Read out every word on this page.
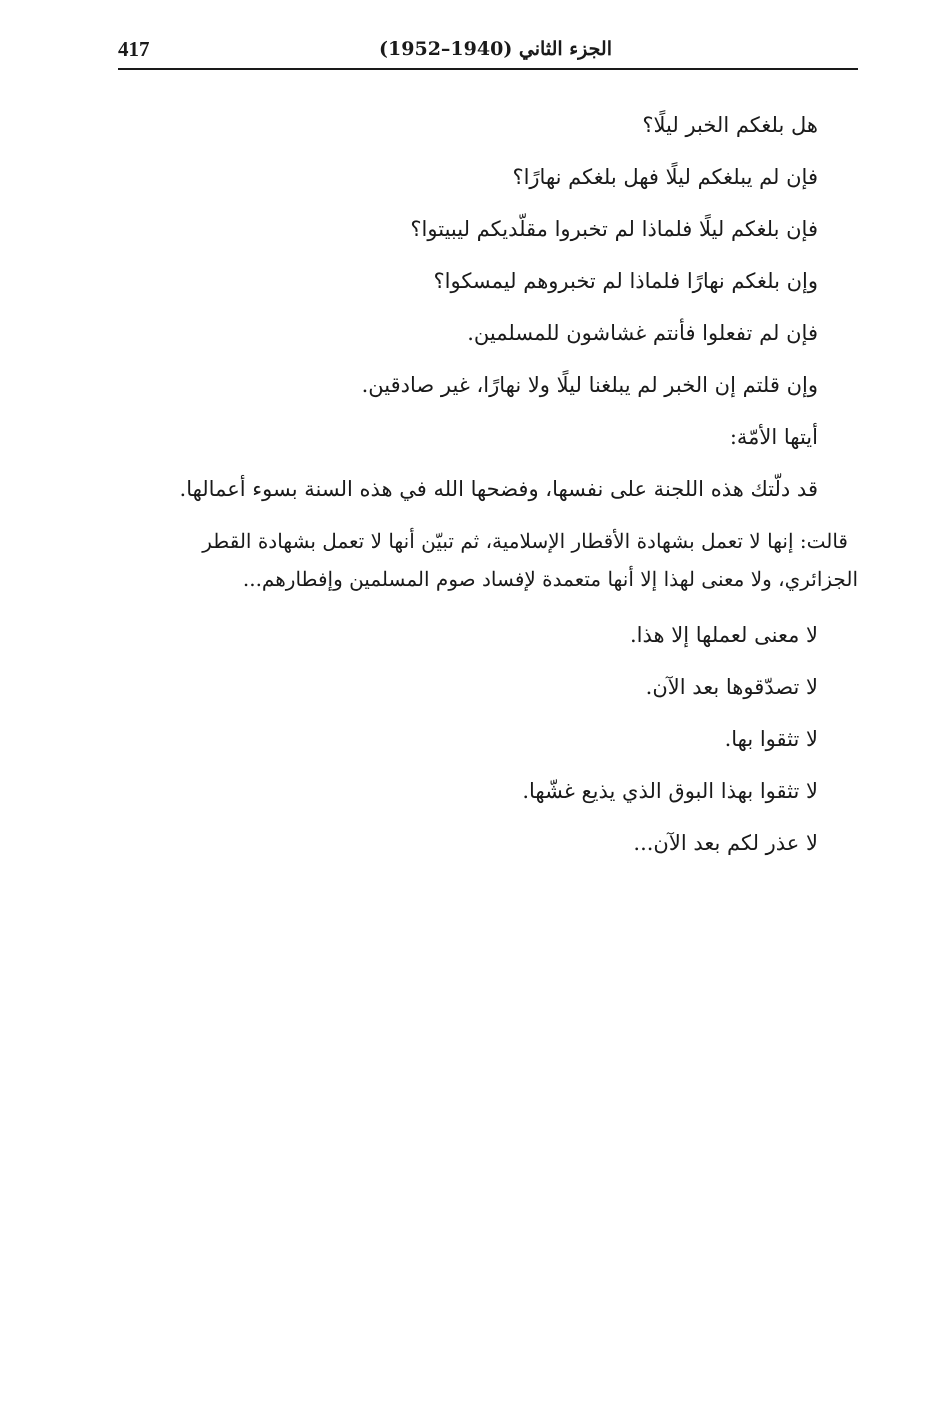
417	الجزء الثاني (1940–1952)

هل بلغكم الخبر ليلًا؟

فإن لم يبلغكم ليلًا فهل بلغكم نهارًا؟

فإن بلغكم ليلًا فلماذا لم تخبروا مقلّديكم ليبيتوا؟

وإن بلغكم نهارًا فلماذا لم تخبروهم ليمسكوا؟

فإن لم تفعلوا فأنتم غشاشون للمسلمين.

وإن قلتم إن الخبر لم يبلغنا ليلًا ولا نهارًا، غير صادقين.

أيتها الأمّة:

قد دلّتك هذه اللجنة على نفسها، وفضحها الله في هذه السنة بسوء أعمالها.

قالت: إنها لا تعمل بشهادة الأقطار الإسلامية، ثم تبيّن أنها لا تعمل بشهادة القطر
الجزائري، ولا معنى لهذا إلا أنها متعمدة لإفساد صوم المسلمين وإفطارهم...

لا معنى لعملها إلا هذا.

لا تصدّقوها بعد الآن.

لا تثقوا بها.

لا تثقوا بهذا البوق الذي يذيع غشّها.

لا عذر لكم بعد الآن...
